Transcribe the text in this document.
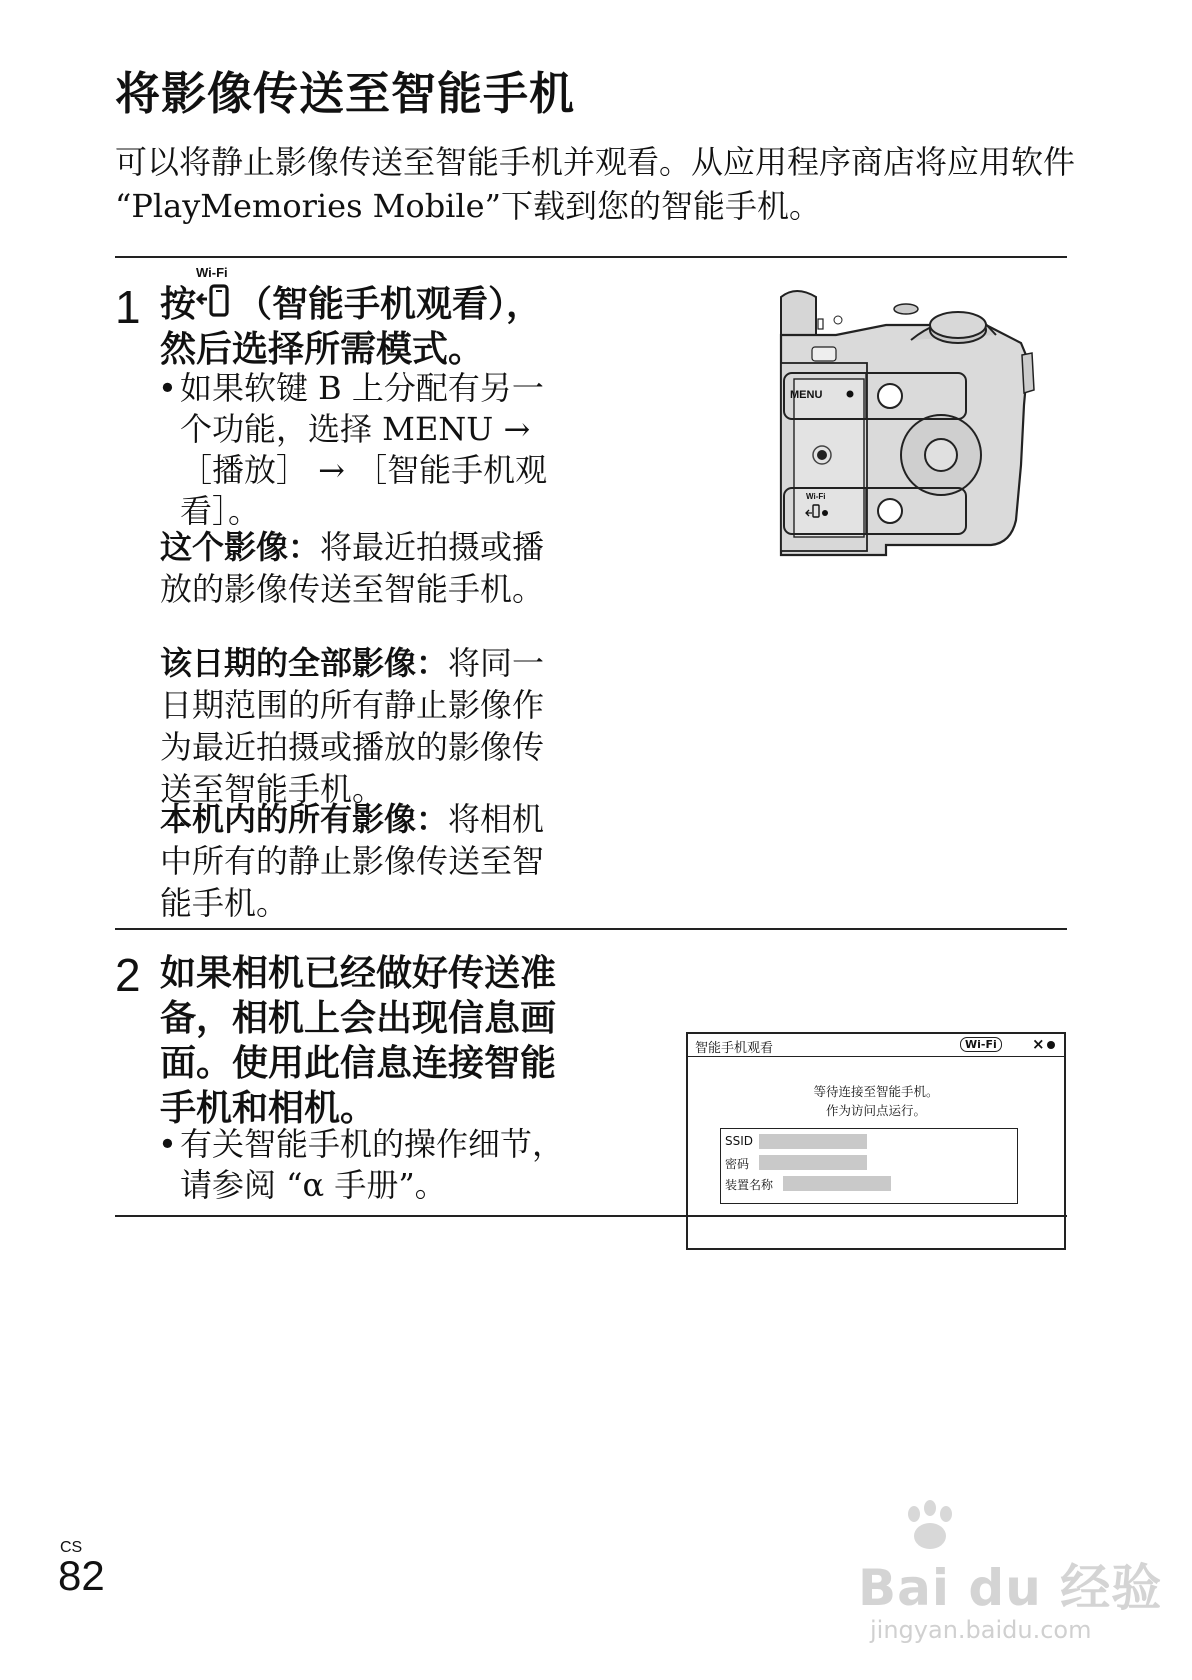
将影像传送至智能手机
可以将静止影像传送至智能手机并观看。从应用程序商店将应用软件 “PlayMemories Mobile”下载到您的智能手机。
1 按
Wi-Fi
（智能手机观看），
然后选择所需模式。
• 如果软键 B 上分配有另一个功能，选择 MENU → ［播放］ → ［智能手机观看］。
这个影像：将最近拍摄或播放的影像传送至智能手机。
该日期的全部影像：将同一日期范围的所有静止影像作为最近拍摄或播放的影像传送至智能手机。
本机内的所有影像：将相机中所有的静止影像传送至智能手机。
MENU
Wi-Fi
2 如果相机已经做好传送准备，相机上会出现信息画面。使用此信息连接智能手机和相机。
• 有关智能手机的操作细节，请参阅 “α 手册”。
智能手机观看	Wi-Fi	×
等待连接至智能手机。
作为访问点运行。
SSID
密码
装置名称
CS
82	Bai du 经验
jingyan.baidu.com
